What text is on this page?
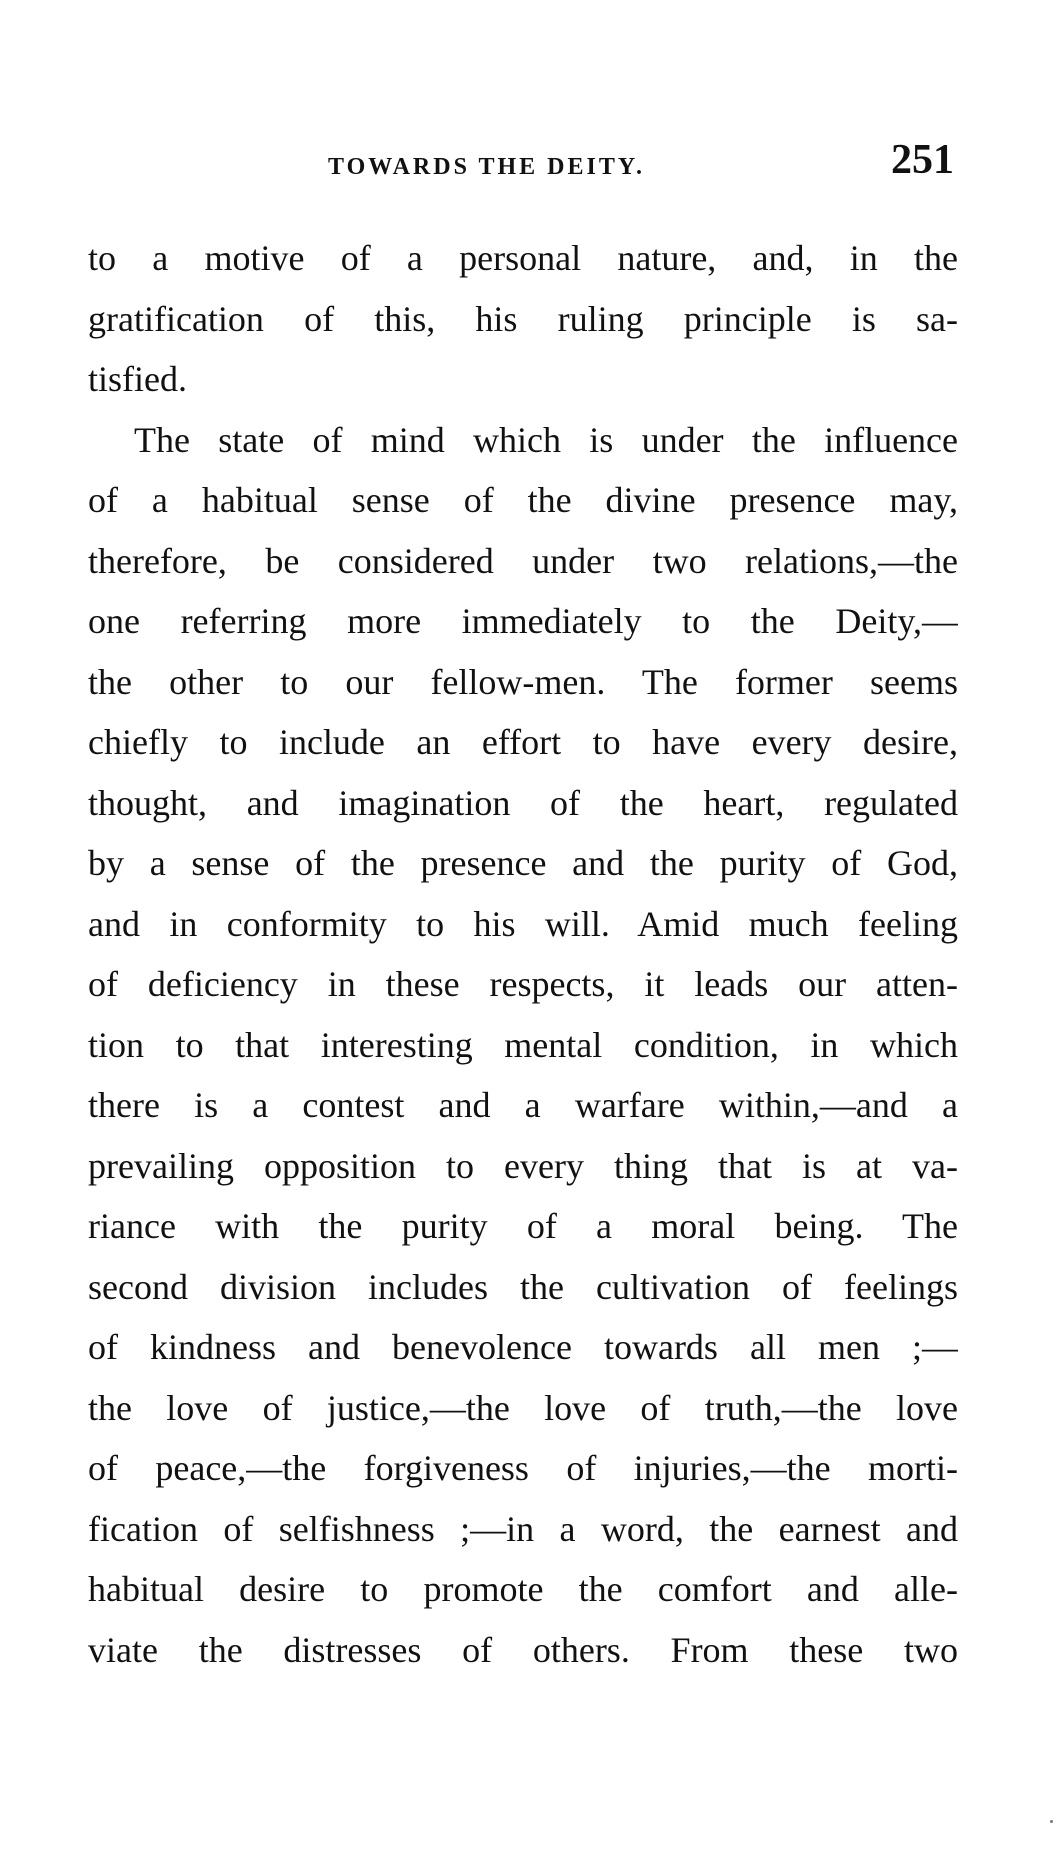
TOWARDS THE DEITY.	251
to a motive of a personal nature, and, in the
gratification of this, his ruling principle is sa-
tisfied.
The state of mind which is under the influence
of a habitual sense of the divine presence may,
therefore, be considered under two relations,—the
one referring more immediately to the Deity,—
the other to our fellow-men. The former seems
chiefly to include an effort to have every desire,
thought, and imagination of the heart, regulated
by a sense of the presence and the purity of God,
and in conformity to his will. Amid much feeling
of deficiency in these respects, it leads our atten-
tion to that interesting mental condition, in which
there is a contest and a warfare within,—and a
prevailing opposition to every thing that is at va-
riance with the purity of a moral being. The
second division includes the cultivation of feelings
of kindness and benevolence towards all men ;—
the love of justice,—the love of truth,—the love
of peace,—the forgiveness of injuries,—the morti-
fication of selfishness ;—in a word, the earnest and
habitual desire to promote the comfort and alle-
viate the distresses of others. From these two
